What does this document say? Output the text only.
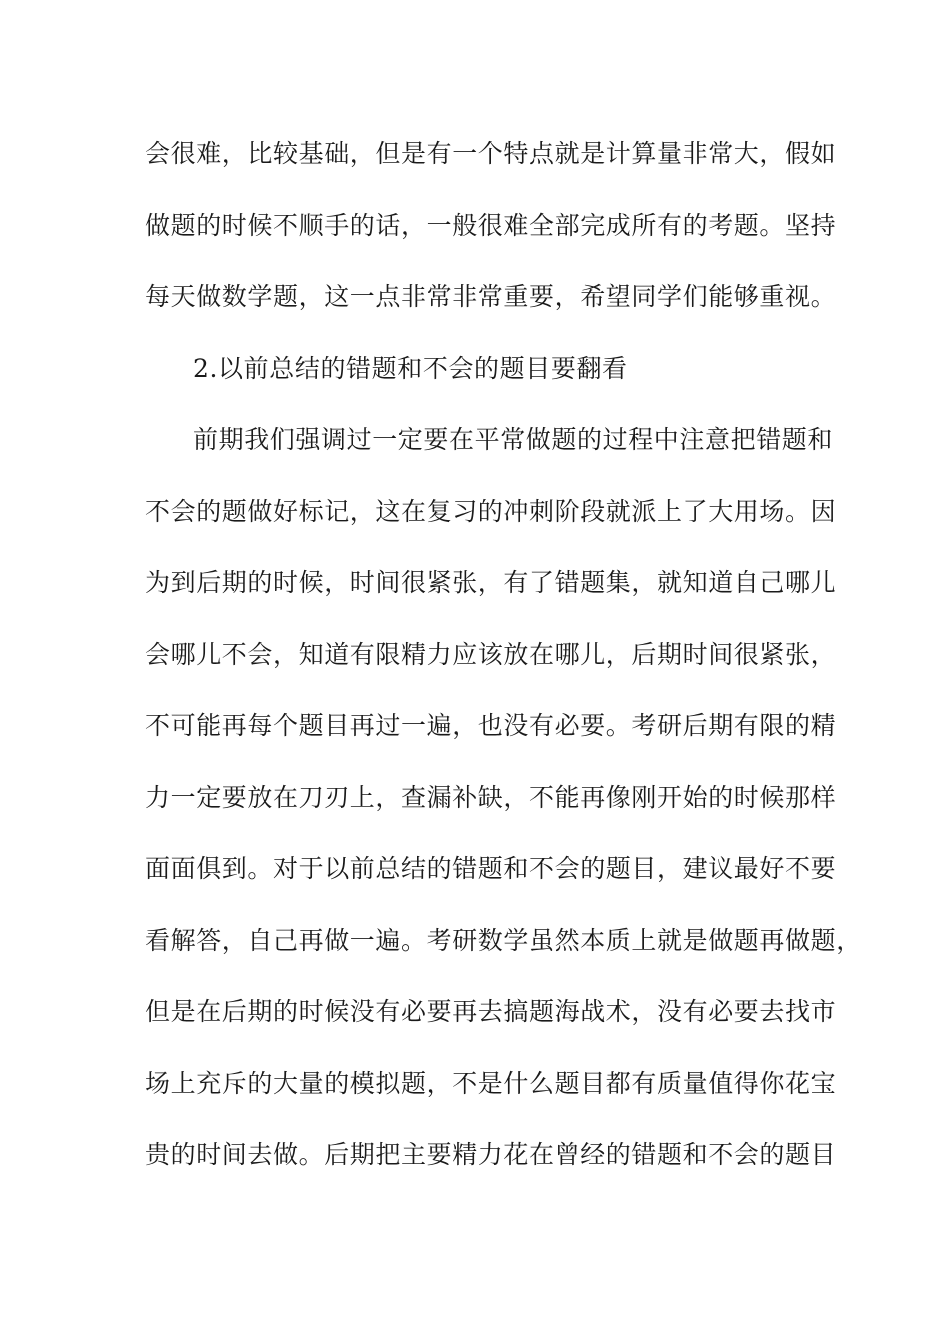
会很难，比较基础，但是有一个特点就是计算量非常大，假如
做题的时候不顺手的话，一般很难全部完成所有的考题。坚持
每天做数学题，这一点非常非常重要，希望同学们能够重视。
2.以前总结的错题和不会的题目要翻看
前期我们强调过一定要在平常做题的过程中注意把错题和
不会的题做好标记，这在复习的冲刺阶段就派上了大用场。因
为到后期的时候，时间很紧张，有了错题集，就知道自己哪儿
会哪儿不会，知道有限精力应该放在哪儿，后期时间很紧张，
不可能再每个题目再过一遍，也没有必要。考研后期有限的精
力一定要放在刀刃上，查漏补缺，不能再像刚开始的时候那样
面面俱到。对于以前总结的错题和不会的题目，建议最好不要
看解答，自己再做一遍。考研数学虽然本质上就是做题再做题，
但是在后期的时候没有必要再去搞题海战术，没有必要去找市
场上充斥的大量的模拟题，不是什么题目都有质量值得你花宝
贵的时间去做。后期把主要精力花在曾经的错题和不会的题目
